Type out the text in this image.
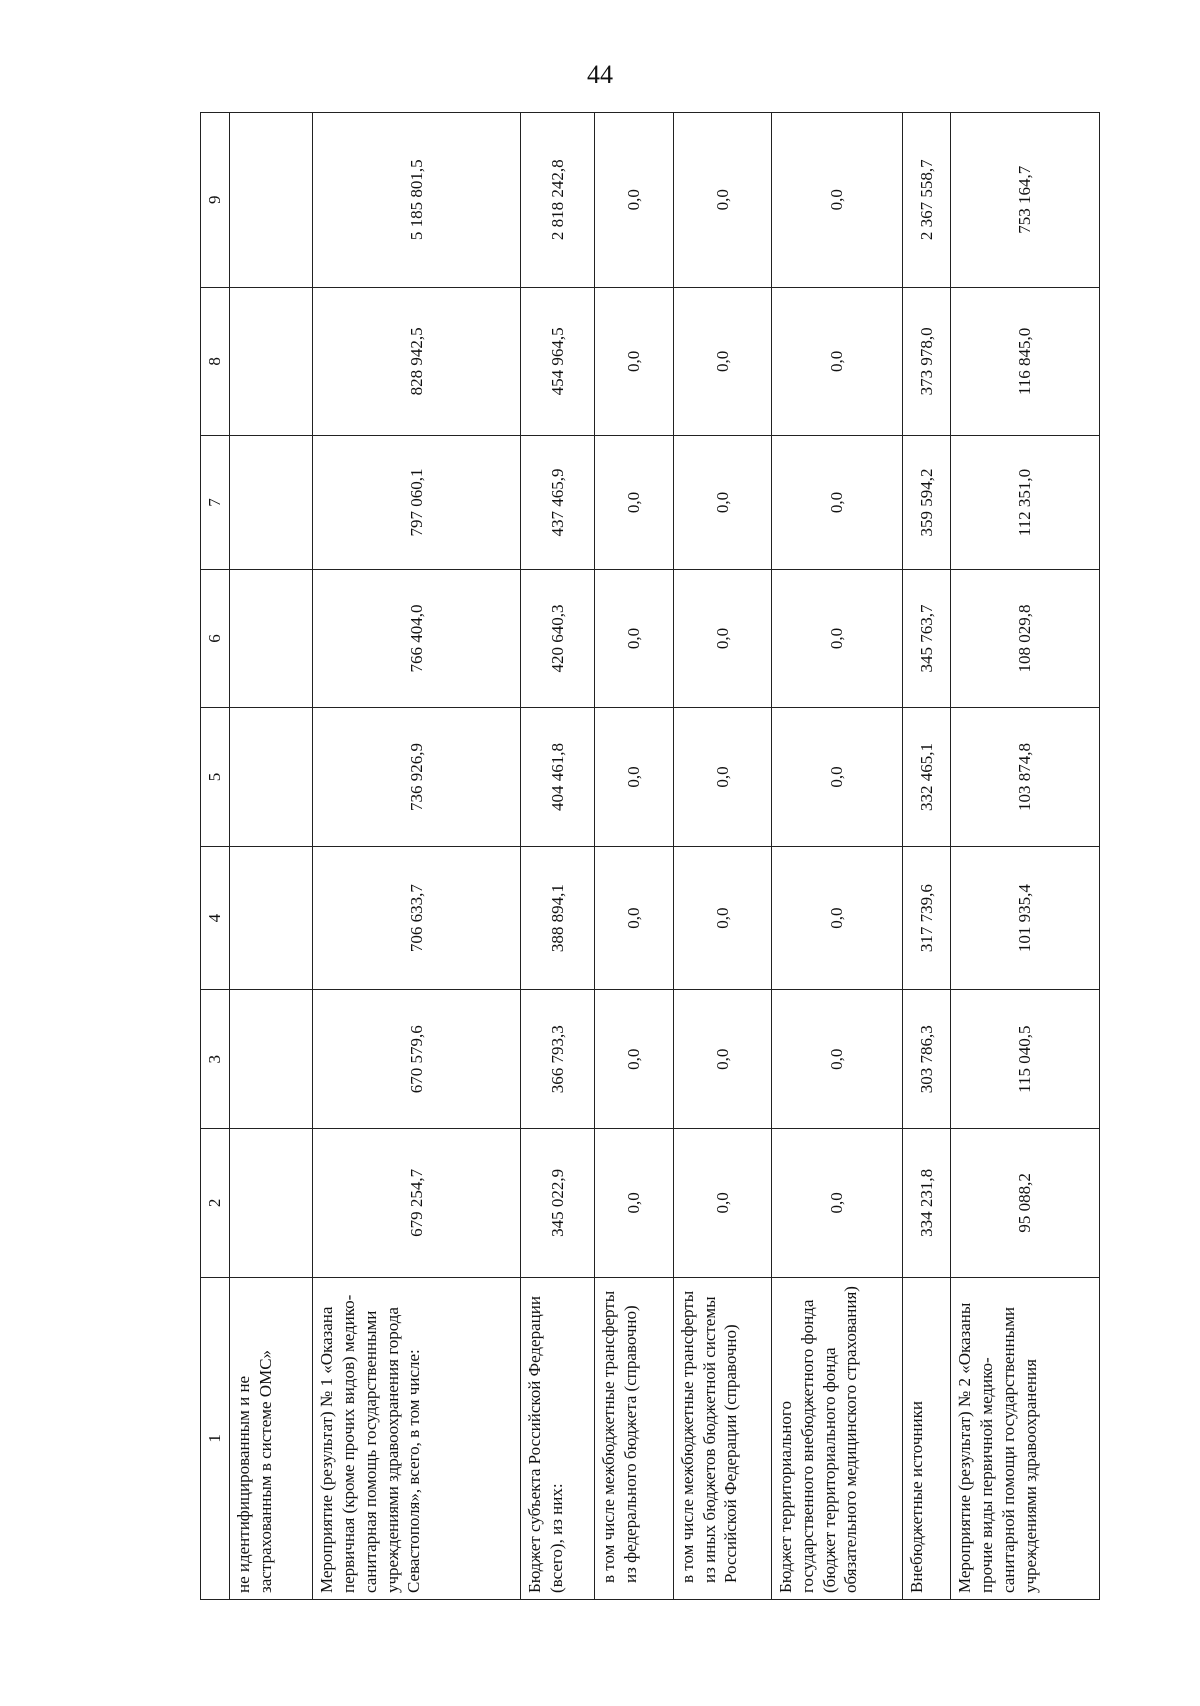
44
1	2	3	4	5	6	7	8	9
не идентифицированным и не застрахованным в системе ОМС»								
Мероприятие (результат) № 1 «Оказана первичная (кроме прочих видов) медико-санитарная помощь государственными учреждениями здравоохранения города Севастополя», всего, в том числе:	679 254,7	670 579,6	706 633,7	736 926,9	766 404,0	797 060,1	828 942,5	5 185 801,5
Бюджет субъекта Российской Федерации (всего), из них:	345 022,9	366 793,3	388 894,1	404 461,8	420 640,3	437 465,9	454 964,5	2 818 242,8
в том числе межбюджетные трансферты из федерального бюджета (справочно)	0,0	0,0	0,0	0,0	0,0	0,0	0,0	0,0
в том числе межбюджетные трансферты из иных бюджетов бюджетной системы Российской Федерации (справочно)	0,0	0,0	0,0	0,0	0,0	0,0	0,0	0,0
Бюджет территориального государственного внебюджетного фонда (бюджет территориального фонда обязательного медицинского страхования)	0,0	0,0	0,0	0,0	0,0	0,0	0,0	0,0
Внебюджетные источники	334 231,8	303 786,3	317 739,6	332 465,1	345 763,7	359 594,2	373 978,0	2 367 558,7
Мероприятие (результат) № 2 «Оказаны прочие виды первичной медико-санитарной помощи государственными учреждениями здравоохранения	95 088,2	115 040,5	101 935,4	103 874,8	108 029,8	112 351,0	116 845,0	753 164,7
